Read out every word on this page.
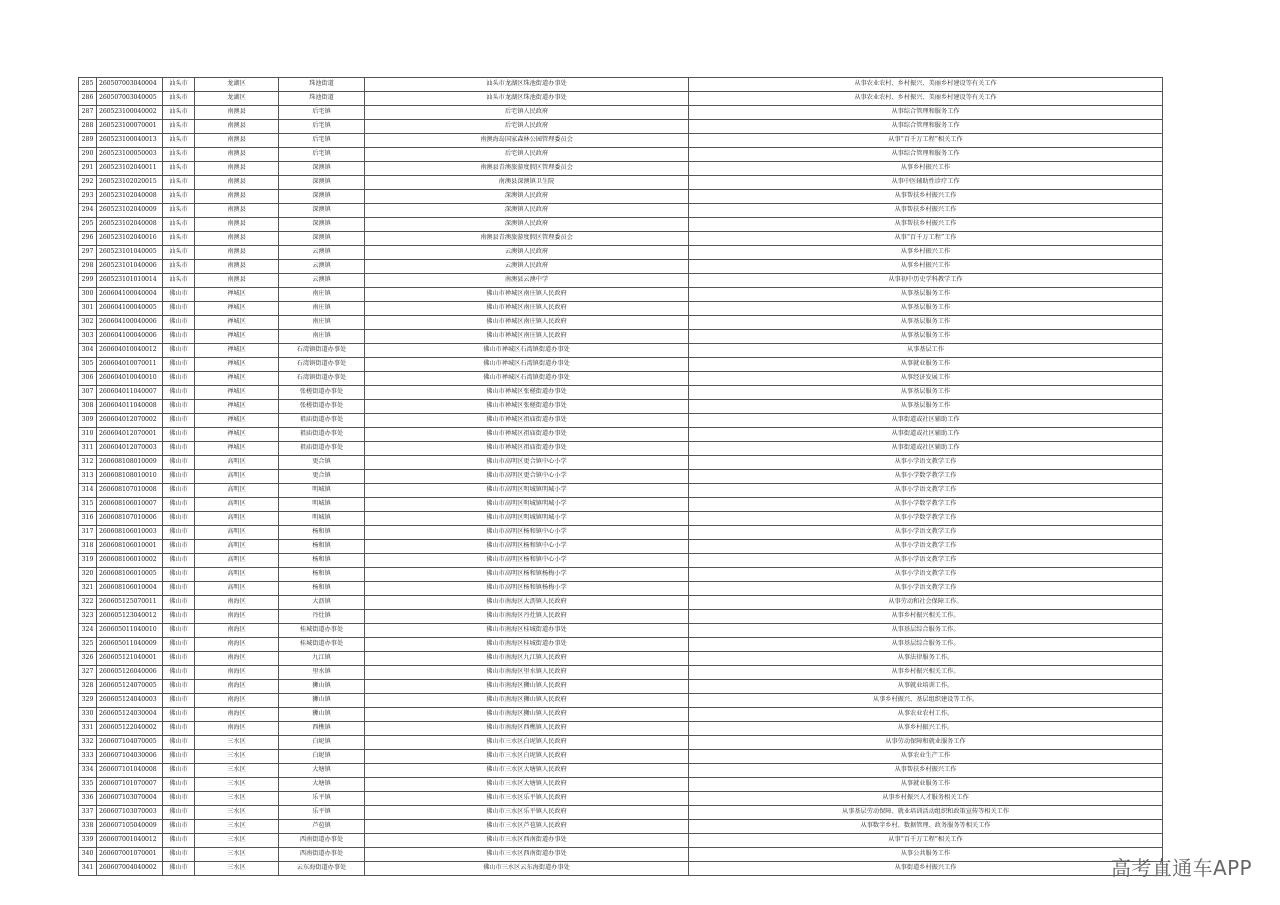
285	260507003040004	汕头市	龙湖区	珠池街道	汕头市龙湖区珠池街道办事处	从事农业农村、乡村振兴、美丽乡村建设等有关工作
286	260507003040005	汕头市	龙湖区	珠池街道	汕头市龙湖区珠池街道办事处	从事农业农村、乡村振兴、美丽乡村建设等有关工作
287	260523100040002	汕头市	南澳县	后宅镇	后宅镇人民政府	从事综合管理和服务工作
288	260523100070001	汕头市	南澳县	后宅镇	后宅镇人民政府	从事综合管理和服务工作
289	260523100040013	汕头市	南澳县	后宅镇	南澳海岛国家森林公园管理委员会	从事“百千万工程”相关工作
290	260523100050003	汕头市	南澳县	后宅镇	后宅镇人民政府	从事综合管理和服务工作
291	260523102040011	汕头市	南澳县	深澳镇	南澳县青澳旅游度假区管理委员会	从事乡村振兴工作
292	260523102020015	汕头市	南澳县	深澳镇	南澳县深澳镇卫生院	从事中医辅助性诊疗工作
293	260523102040008	汕头市	南澳县	深澳镇	深澳镇人民政府	从事帮扶乡村振兴工作
294	260523102040009	汕头市	南澳县	深澳镇	深澳镇人民政府	从事帮扶乡村振兴工作
295	260523102040008	汕头市	南澳县	深澳镇	深澳镇人民政府	从事帮扶乡村振兴工作
296	260523102040016	汕头市	南澳县	深澳镇	南澳县青澳旅游度假区管理委员会	从事“百千万工程”工作
297	260523101040005	汕头市	南澳县	云澳镇	云澳镇人民政府	从事乡村振兴工作
298	260523101040006	汕头市	南澳县	云澳镇	云澳镇人民政府	从事乡村振兴工作
299	260523101010014	汕头市	南澳县	云澳镇	南澳县云澳中学	从事初中历史学科教学工作
300	260604100040004	佛山市	禅城区	南庄镇	佛山市禅城区南庄镇人民政府	从事基层服务工作
301	260604100040005	佛山市	禅城区	南庄镇	佛山市禅城区南庄镇人民政府	从事基层服务工作
302	260604100040006	佛山市	禅城区	南庄镇	佛山市禅城区南庄镇人民政府	从事基层服务工作
303	260604100040006	佛山市	禅城区	南庄镇	佛山市禅城区南庄镇人民政府	从事基层服务工作
304	260604010040012	佛山市	禅城区	石湾镇街道办事处	佛山市禅城区石湾镇街道办事处	从事基层工作
305	260604010070011	佛山市	禅城区	石湾镇街道办事处	佛山市禅城区石湾镇街道办事处	从事就业服务工作
306	260604010040010	佛山市	禅城区	石湾镇街道办事处	佛山市禅城区石湾镇街道办事处	从事经济发展工作
307	260604011040007	佛山市	禅城区	张槎街道办事处	佛山市禅城区张槎街道办事处	从事基层服务工作
308	260604011040008	佛山市	禅城区	张槎街道办事处	佛山市禅城区张槎街道办事处	从事基层服务工作
309	260604012070002	佛山市	禅城区	祖庙街道办事处	佛山市禅城区祖庙街道办事处	从事街道或社区辅助工作
310	260604012070001	佛山市	禅城区	祖庙街道办事处	佛山市禅城区祖庙街道办事处	从事街道或社区辅助工作
311	260604012070003	佛山市	禅城区	祖庙街道办事处	佛山市禅城区祖庙街道办事处	从事街道或社区辅助工作
312	260608108010009	佛山市	高明区	更合镇	佛山市高明区更合镇中心小学	从事小学语文教学工作
313	260608108010010	佛山市	高明区	更合镇	佛山市高明区更合镇中心小学	从事小学数学教学工作
314	260608107010008	佛山市	高明区	明城镇	佛山市高明区明城镇明城小学	从事小学语文教学工作
315	260608106010007	佛山市	高明区	明城镇	佛山市高明区明城镇明城小学	从事小学数学教学工作
316	260608107010006	佛山市	高明区	明城镇	佛山市高明区明城镇明城小学	从事小学数学教学工作
317	260608106010003	佛山市	高明区	杨和镇	佛山市高明区杨和镇中心小学	从事小学语文教学工作
318	260608106010001	佛山市	高明区	杨和镇	佛山市高明区杨和镇中心小学	从事小学语文教学工作
319	260608106010002	佛山市	高明区	杨和镇	佛山市高明区杨和镇中心小学	从事小学语文教学工作
320	260608106010005	佛山市	高明区	杨和镇	佛山市高明区杨和镇杨梅小学	从事小学语文教学工作
321	260608106010004	佛山市	高明区	杨和镇	佛山市高明区杨和镇杨梅小学	从事小学语文教学工作
322	260605125070011	佛山市	南海区	大沥镇	佛山市南海区大沥镇人民政府	从事劳动和社会保障工作。
323	260605123040012	佛山市	南海区	丹灶镇	佛山市南海区丹灶镇人民政府	从事乡村振兴相关工作。
324	260605011040010	佛山市	南海区	桂城街道办事处	佛山市南海区桂城街道办事处	从事基层综合服务工作。
325	260605011040009	佛山市	南海区	桂城街道办事处	佛山市南海区桂城街道办事处	从事基层综合服务工作。
326	260605121040001	佛山市	南海区	九江镇	佛山市南海区九江镇人民政府	从事法律服务工作。
327	260605126040006	佛山市	南海区	里水镇	佛山市南海区里水镇人民政府	从事乡村振兴相关工作。
328	260605124070005	佛山市	南海区	狮山镇	佛山市南海区狮山镇人民政府	从事就业培训工作。
329	260605124040003	佛山市	南海区	狮山镇	佛山市南海区狮山镇人民政府	从事乡村振兴、基层组织建设等工作。
330	260605124030004	佛山市	南海区	狮山镇	佛山市南海区狮山镇人民政府	从事农业农村工作。
331	260605122040002	佛山市	南海区	西樵镇	佛山市南海区西樵镇人民政府	从事乡村振兴工作。
332	260607104070005	佛山市	三水区	白坭镇	佛山市三水区白坭镇人民政府	从事劳动保障和就业服务工作
333	260607104030006	佛山市	三水区	白坭镇	佛山市三水区白坭镇人民政府	从事农业生产工作
334	260607101040008	佛山市	三水区	大塘镇	佛山市三水区大塘镇人民政府	从事帮扶乡村振兴工作
335	260607101070007	佛山市	三水区	大塘镇	佛山市三水区大塘镇人民政府	从事就业服务工作
336	260607103070004	佛山市	三水区	乐平镇	佛山市三水区乐平镇人民政府	从事乡村振兴人才服务相关工作
337	260607103070003	佛山市	三水区	乐平镇	佛山市三水区乐平镇人民政府	从事基层劳动保障、就业培训活动组织和政策宣传等相关工作
338	260607105040009	佛山市	三水区	芦苞镇	佛山市三水区芦苞镇人民政府	从事数字乡村、数据管理、政务服务等相关工作
339	260607001040012	佛山市	三水区	西南街道办事处	佛山市三水区西南街道办事处	从事“百千万工程”相关工作
340	260607001070001	佛山市	三水区	西南街道办事处	佛山市三水区西南街道办事处	从事公共服务工作
341	260607004040002	佛山市	三水区	云东海街道办事处	佛山市三水区云东海街道办事处	从事街道乡村振兴工作	高考直通车APP
